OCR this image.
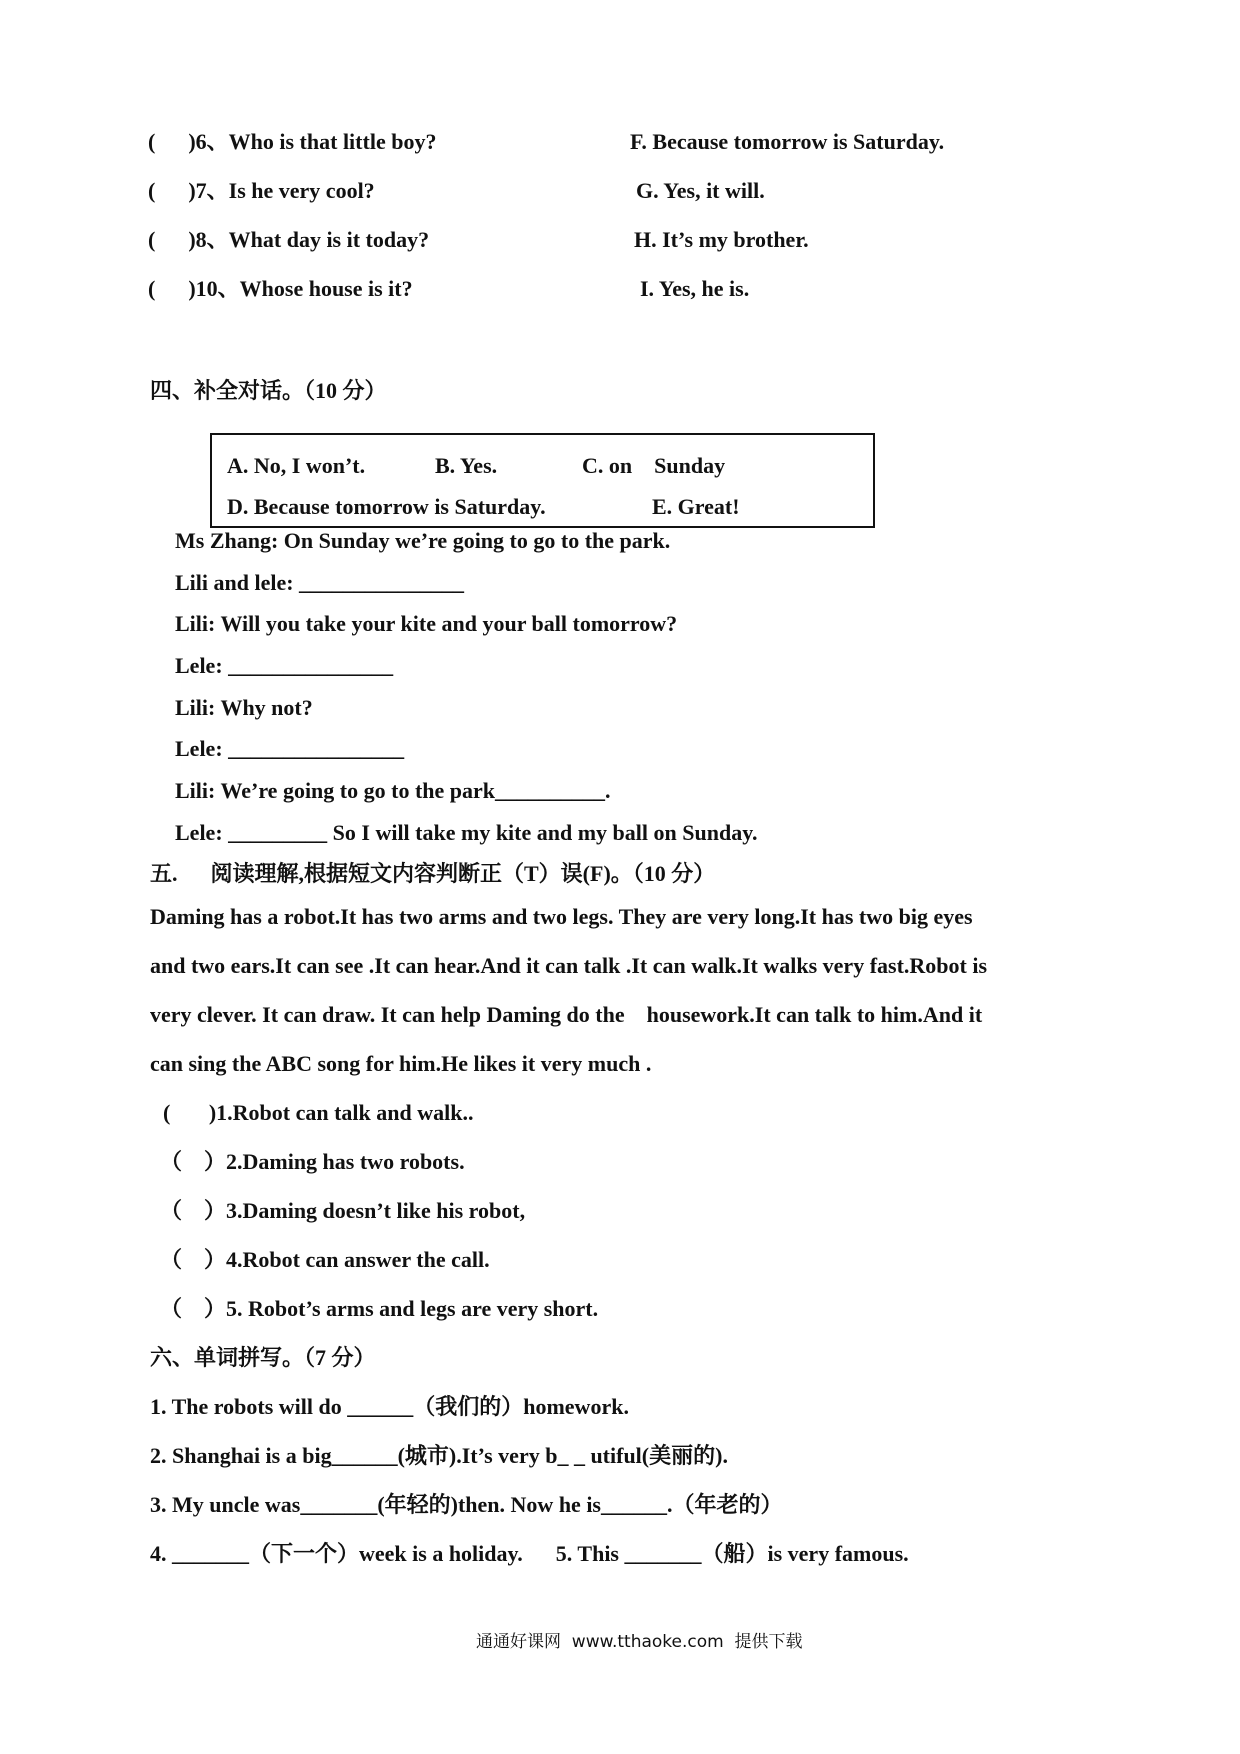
(      )6、Who is that little boy?	F. Because tomorrow is Saturday.
(      )7、Is he very cool?	G. Yes, it will.
(      )8、What day is it today?	H. It’s my brother.
(      )10、Whose house is it?	I. Yes, he is.
四、补全对话。（10 分）
A. No, I won’t.	B. Yes.	C. on    Sunday
D. Because tomorrow is Saturday.	E. Great!
Ms Zhang: On Sunday we’re going to go to the park.
Lili and lele: _______________
Lili: Will you take your kite and your ball tomorrow?
Lele: _______________
Lili: Why not?
Lele: ________________
Lili: We’re going to go to the park__________.
Lele: _________ So I will take my kite and my ball on Sunday.
五.      阅读理解,根据短文内容判断正（T）误(F)。（10 分）
Daming has a robot.It has two arms and two legs. They are very long.It has two big eyes
and two ears.It can see .It can hear.And it can talk .It can walk.It walks very fast.Robot is
very clever. It can draw. It can help Daming do the    housework.It can talk to him.And it
can sing the ABC song for him.He likes it very much .
(       )1.Robot can talk and walk..
（    ）2.Daming has two robots.
（    ）3.Daming doesn’t like his robot,
（    ）4.Robot can answer the call.
（    ）5. Robot’s arms and legs are very short.
六、单词拼写。（7 分）
1. The robots will do ______（我们的）homework.
2. Shanghai is a big______(城市).It’s very b_ _ utiful(美丽的).
3. My uncle was_______(年轻的)then. Now he is______.（年老的）
4. _______（下一个）week is a holiday.      5. This _______（船）is very famous.
通通好课网  www.tthaoke.com  提供下载
